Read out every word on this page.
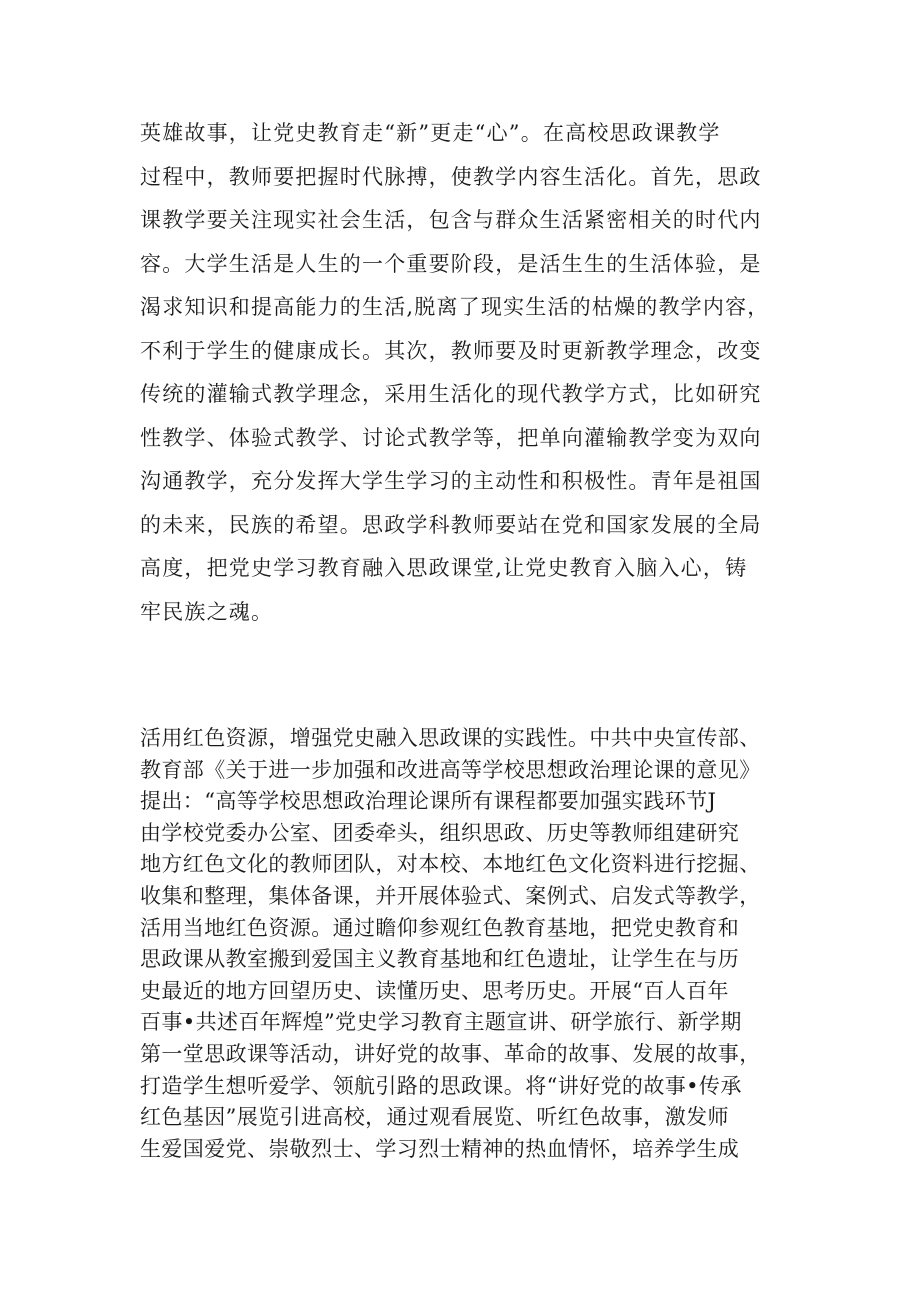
英雄故事，让党史教育走“新”更走“心”。在高校思政课教学
过程中，教师要把握时代脉搏，使教学内容生活化。首先，思政
课教学要关注现实社会生活，包含与群众生活紧密相关的时代内
容。大学生活是人生的一个重要阶段，是活生生的生活体验，是
渴求知识和提高能力的生活,脱离了现实生活的枯燥的教学内容，
不利于学生的健康成长。其次，教师要及时更新教学理念，改变
传统的灌输式教学理念，采用生活化的现代教学方式，比如研究
性教学、体验式教学、讨论式教学等，把单向灌输教学变为双向
沟通教学，充分发挥大学生学习的主动性和积极性。青年是祖国
的未来，民族的希望。思政学科教师要站在党和国家发展的全局
高度，把党史学习教育融入思政课堂,让党史教育入脑入心，铸
牢民族之魂。
活用红色资源，增强党史融入思政课的实践性。中共中央宣传部、
教育部《关于进一步加强和改进高等学校思想政治理论课的意见》
提出：“高等学校思想政治理论课所有课程都要加强实践环节J
由学校党委办公室、团委牵头，组织思政、历史等教师组建研究
地方红色文化的教师团队，对本校、本地红色文化资料进行挖掘、
收集和整理，集体备课，并开展体验式、案例式、启发式等教学，
活用当地红色资源。通过瞻仰参观红色教育基地，把党史教育和
思政课从教室搬到爱国主义教育基地和红色遗址，让学生在与历
史最近的地方回望历史、读懂历史、思考历史。开展“百人百年
百事•共述百年辉煌”党史学习教育主题宣讲、研学旅行、新学期
第一堂思政课等活动，讲好党的故事、革命的故事、发展的故事，
打造学生想听爱学、领航引路的思政课。将“讲好党的故事•传承
红色基因”展览引进高校，通过观看展览、听红色故事，激发师
生爱国爱党、崇敬烈士、学习烈士精神的热血情怀，培养学生成
